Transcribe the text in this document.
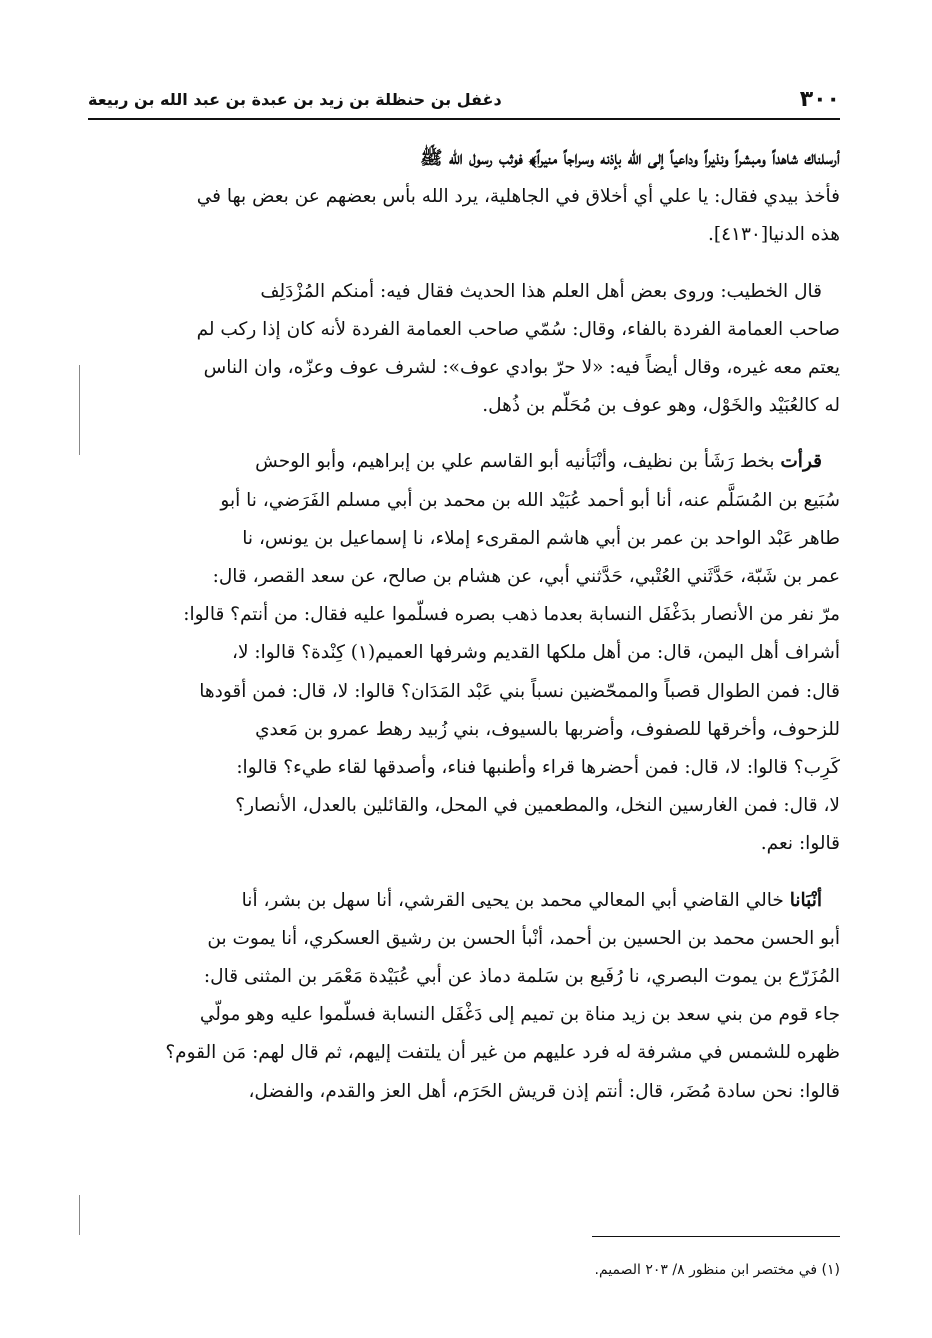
٣٠٠
دغفل بن حنظلة بن زيد بن عبدة بن عبد الله بن ربيعة
أرسلناك شاهداً ومبشراً ونذيراً وداعياً إلى الله بإذنه وسراجاً منيراً﴾ فوثب رسول الله ﷺ
فأخذ بيدي فقال: يا علي أي أخلاق في الجاهلية، يرد الله بأس بعضهم عن بعض بها في
هذه الدنيا[٤١٣٠].
قال الخطيب: وروى بعض أهل العلم هذا الحديث فقال فيه: أمنكم المُزْدَلِف
صاحب العمامة الفردة بالفاء، وقال: سُمّي صاحب العمامة الفردة لأنه كان إذا ركب لم
يعتم معه غيره، وقال أيضاً فيه: «لا حرّ بوادي عوف»: لشرف عوف وعزّه، وان الناس
له كالعُبَيْد والخَوْل، وهو عوف بن مُحَلّم بن ذُهل.
قرأت بخط رَشَأ بن نظيف، وأنْبَأنيه أبو القاسم علي بن إبراهيم، وأبو الوحش
سُبَيع بن المُسَلَّم عنه، أنا أبو أحمد عُبَيْد الله بن محمد بن أبي مسلم الفَرَضي، نا أبو
طاهر عَبْد الواحد بن عمر بن أبي هاشم المقرىء إملاء، نا إسماعيل بن يونس، نا
عمر بن شَبّة، حَدَّثَني العُتْبي، حَدَّثني أبي، عن هشام بن صالح، عن سعد القصر، قال:
مرّ نفر من الأنصار بدَغْفَل النسابة بعدما ذهب بصره فسلّموا عليه فقال: من أنتم؟ قالوا:
أشراف أهل اليمن، قال: من أهل ملكها القديم وشرفها العميم(١) كِنْدة؟ قالوا: لا،
قال: فمن الطوال قصباً والممحّضين نسباً بني عَبْد المَدَان؟ قالوا: لا، قال: فمن أقودها
للزحوف، وأخرقها للصفوف، وأضربها بالسيوف، بني زُبيد رهط عمرو بن مَعدي
كَرِب؟ قالوا: لا، قال: فمن أحضرها قراء وأطنبها فناء، وأصدقها لقاء طيء؟ قالوا:
لا، قال: فمن الغارسين النخل، والمطعمين في المحل، والقائلين بالعدل، الأنصار؟
قالوا: نعم.
أنْبَانا خالي القاضي أبي المعالي محمد بن يحيى القرشي، أنا سهل بن بشر، أنا
أبو الحسن محمد بن الحسين بن أحمد، أنْبأ الحسن بن رشيق العسكري، أنا يموت بن
المُزَرّع بن يموت البصري، نا رُفَيع بن سَلمة دماذ عن أبي عُبَيْدة مَعْمَر بن المثنى قال:
جاء قوم من بني سعد بن زيد مناة بن تميم إلى دَغْفَل النسابة فسلّموا عليه وهو مولّي
ظهره للشمس في مشرفة له فرد عليهم من غير أن يلتفت إليهم، ثم قال لهم: مَن القوم؟
قالوا: نحن سادة مُضَر، قال: أنتم إذن قريش الحَرَم، أهل العز والقدم، والفضل،
(١) في مختصر ابن منظور ٨/ ٢٠٣ الصميم.
